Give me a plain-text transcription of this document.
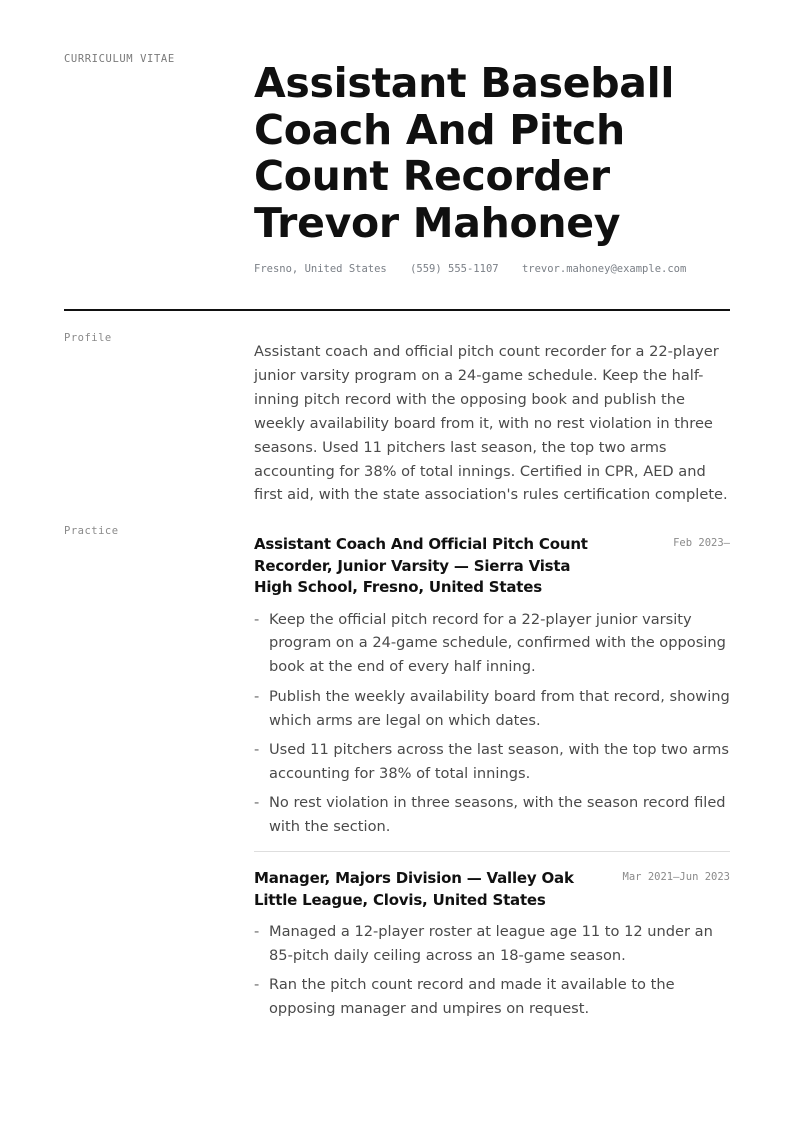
CURRICULUM VITAE Assistant Baseball Coach And Pitch Count Recorder Trevor Mahoney
Fresno, United States (559) 555-1107 trevor.mahoney@example.com
Profile

Assistant coach and official pitch count recorder for a 22-player junior varsity program on a 24-game schedule. Keep the half-inning pitch record with the opposing book and publish the weekly availability board from it, with no rest violation in three seasons. Used 11 pitchers last season, the top two arms accounting for 38% of total innings. Certified in CPR, AED and first aid, with the state association's rules certification complete.

Practice
Assistant Coach And Official Pitch Count Recorder, Junior Varsity — Sierra Vista High School, Fresno, United States
Feb 2023–
- Keep the official pitch record for a 22-player junior varsity program on a 24-game schedule, confirmed with the opposing book at the end of every half inning.
- Publish the weekly availability board from that record, showing which arms are legal on which dates.
- Used 11 pitchers across the last season, with the top two arms accounting for 38% of total innings.
- No rest violation in three seasons, with the season record filed with the section.
Manager, Majors Division — Valley Oak Little League, Clovis, United States
Mar 2021–Jun 2023
- Managed a 12-player roster at league age 11 to 12 under an 85-pitch daily ceiling across an 18-game season.
- Ran the pitch count record and made it available to the opposing manager and umpires on request.
